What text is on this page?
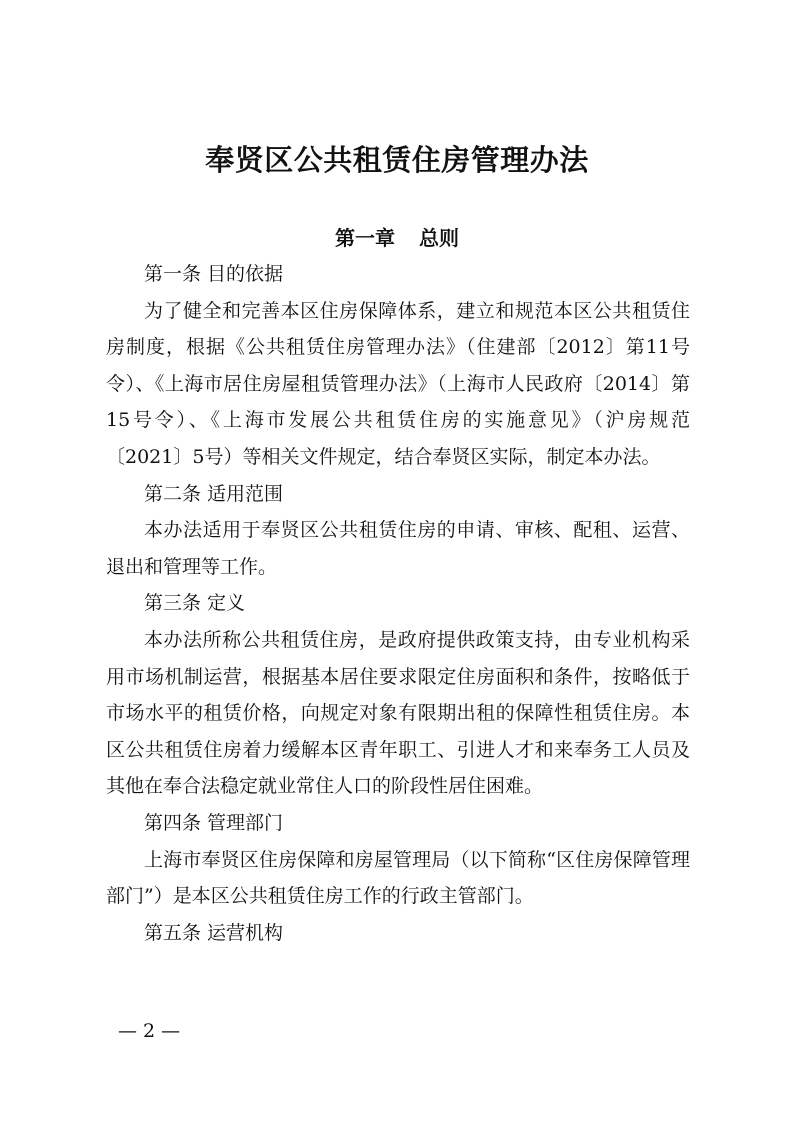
奉贤区公共租赁住房管理办法
第一章 总则

第一条 目的依据

为了健全和完善本区住房保障体系，建立和规范本区公共租赁住房制度，根据《公共租赁住房管理办法》（住建部〔2012〕第11号令）、《上海市居住房屋租赁管理办法》（上海市人民政府〔2014〕第15号令）、《上海市发展公共租赁住房的实施意见》（沪房规范〔2021〕5号）等相关文件规定，结合奉贤区实际，制定本办法。

第二条 适用范围

本办法适用于奉贤区公共租赁住房的申请、审核、配租、运营、退出和管理等工作。

第三条 定义

本办法所称公共租赁住房，是政府提供政策支持，由专业机构采用市场机制运营，根据基本居住要求限定住房面积和条件，按略低于市场水平的租赁价格，向规定对象有限期出租的保障性租赁住房。本区公共租赁住房着力缓解本区青年职工、引进人才和来奉务工人员及其他在奉合法稳定就业常住人口的阶段性居住困难。

第四条 管理部门

上海市奉贤区住房保障和房屋管理局（以下简称“区住房保障管理部门”）是本区公共租赁住房工作的行政主管部门。

第五条 运营机构

— 2 —
